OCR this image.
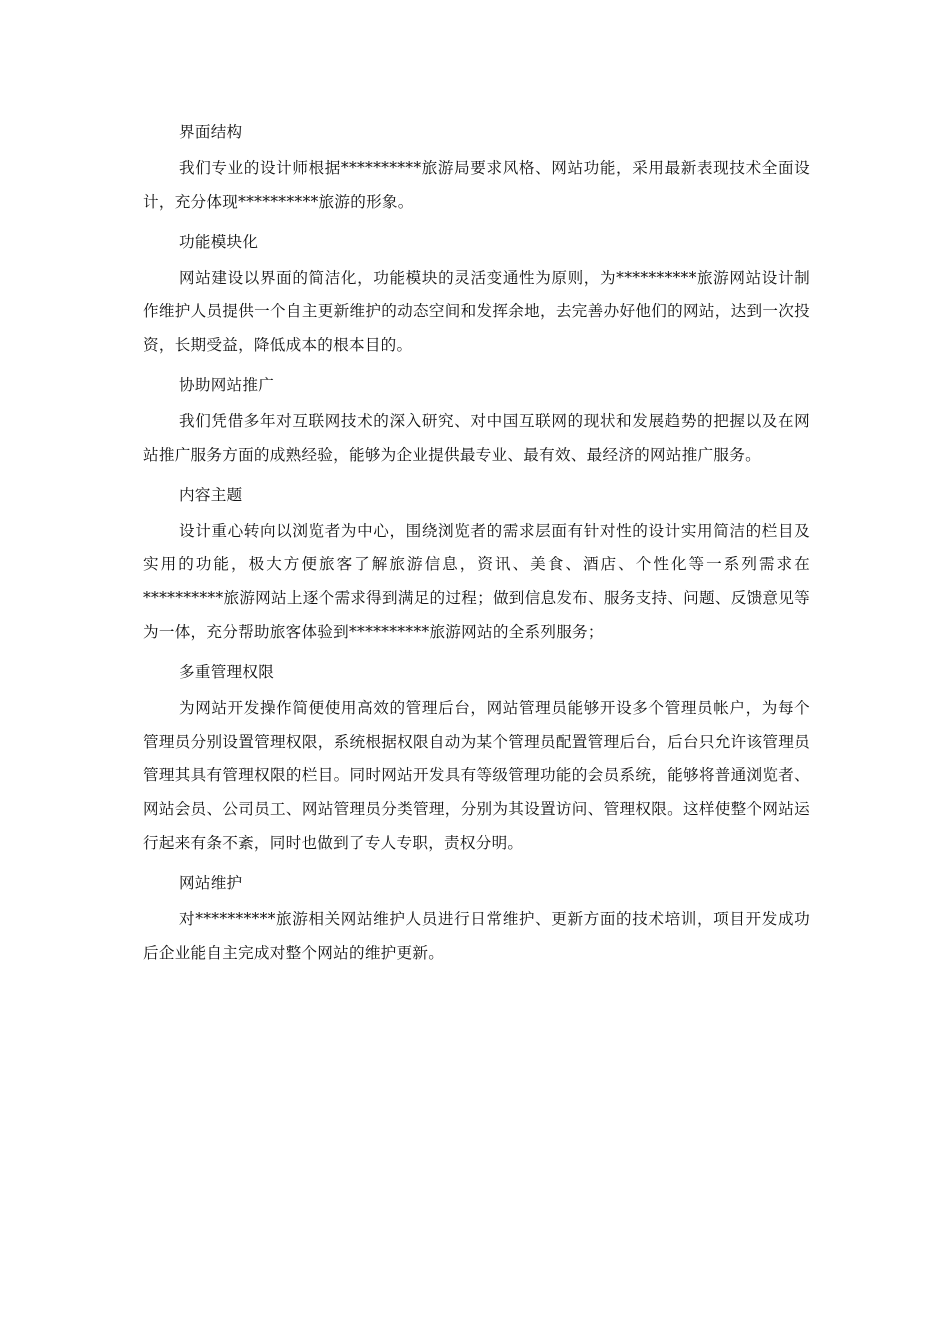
界面结构

我们专业的设计师根据**********旅游局要求风格、网站功能，采用最新表现技术全面设计，充分体现**********旅游的形象。

功能模块化

网站建设以界面的简洁化，功能模块的灵活变通性为原则，为**********旅游网站设计制作维护人员提供一个自主更新维护的动态空间和发挥余地，去完善办好他们的网站，达到一次投资，长期受益，降低成本的根本目的。

协助网站推广

我们凭借多年对互联网技术的深入研究、对中国互联网的现状和发展趋势的把握以及在网站推广服务方面的成熟经验，能够为企业提供最专业、最有效、最经济的网站推广服务。

内容主题

设计重心转向以浏览者为中心，围绕浏览者的需求层面有针对性的设计实用简洁的栏目及实用的功能，极大方便旅客了解旅游信息，资讯、美食、酒店、个性化等一系列需求在**********旅游网站上逐个需求得到满足的过程；做到信息发布、服务支持、问题、反馈意见等为一体，充分帮助旅客体验到**********旅游网站的全系列服务；

多重管理权限

为网站开发操作简便使用高效的管理后台，网站管理员能够开设多个管理员帐户，为每个管理员分别设置管理权限，系统根据权限自动为某个管理员配置管理后台，后台只允许该管理员管理其具有管理权限的栏目。同时网站开发具有等级管理功能的会员系统，能够将普通浏览者、网站会员、公司员工、网站管理员分类管理，分别为其设置访问、管理权限。这样使整个网站运行起来有条不紊，同时也做到了专人专职，责权分明。

网站维护

对**********旅游相关网站维护人员进行日常维护、更新方面的技术培训，项目开发成功后企业能自主完成对整个网站的维护更新。
